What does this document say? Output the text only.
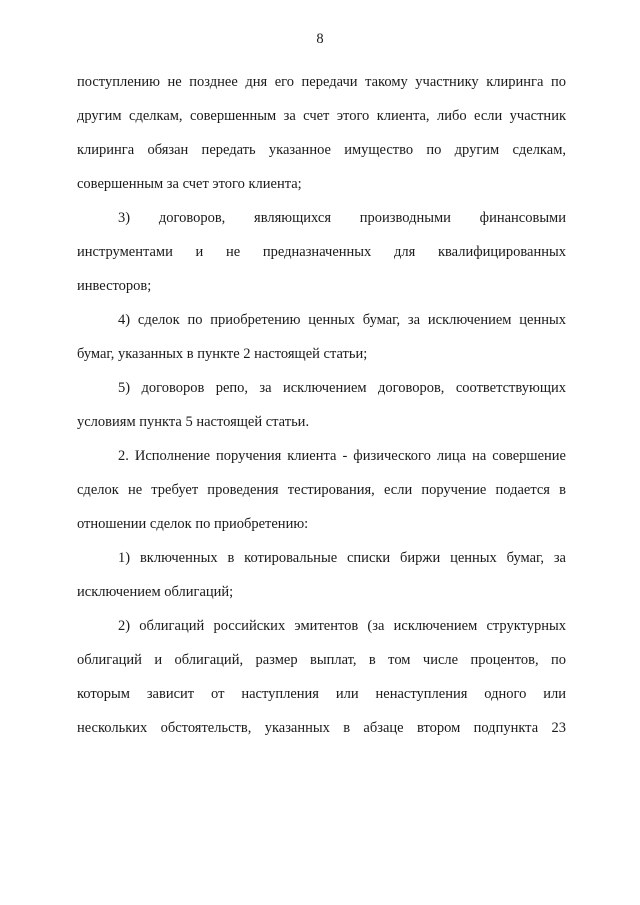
8
поступлению не позднее дня его передачи такому участнику клиринга по
другим сделкам, совершенным за счет этого клиента, либо если участник
клиринга обязан передать указанное имущество по другим сделкам,
совершенным за счет этого клиента;
3) договоров, являющихся производными финансовыми
инструментами и не предназначенных для квалифицированных
инвесторов;
4) сделок по приобретению ценных бумаг, за исключением ценных
бумаг, указанных в пункте 2 настоящей статьи;
5) договоров репо, за исключением договоров, соответствующих
условиям пункта 5 настоящей статьи.
2. Исполнение поручения клиента - физического лица на совершение
сделок не требует проведения тестирования, если поручение подается в
отношении сделок по приобретению:
1) включенных в котировальные списки биржи ценных бумаг, за
исключением облигаций;
2) облигаций российских эмитентов (за исключением структурных
облигаций и облигаций, размер выплат, в том числе процентов, по
которым зависит от наступления или ненаступления одного или
нескольких обстоятельств, указанных в абзаце втором подпункта 23
